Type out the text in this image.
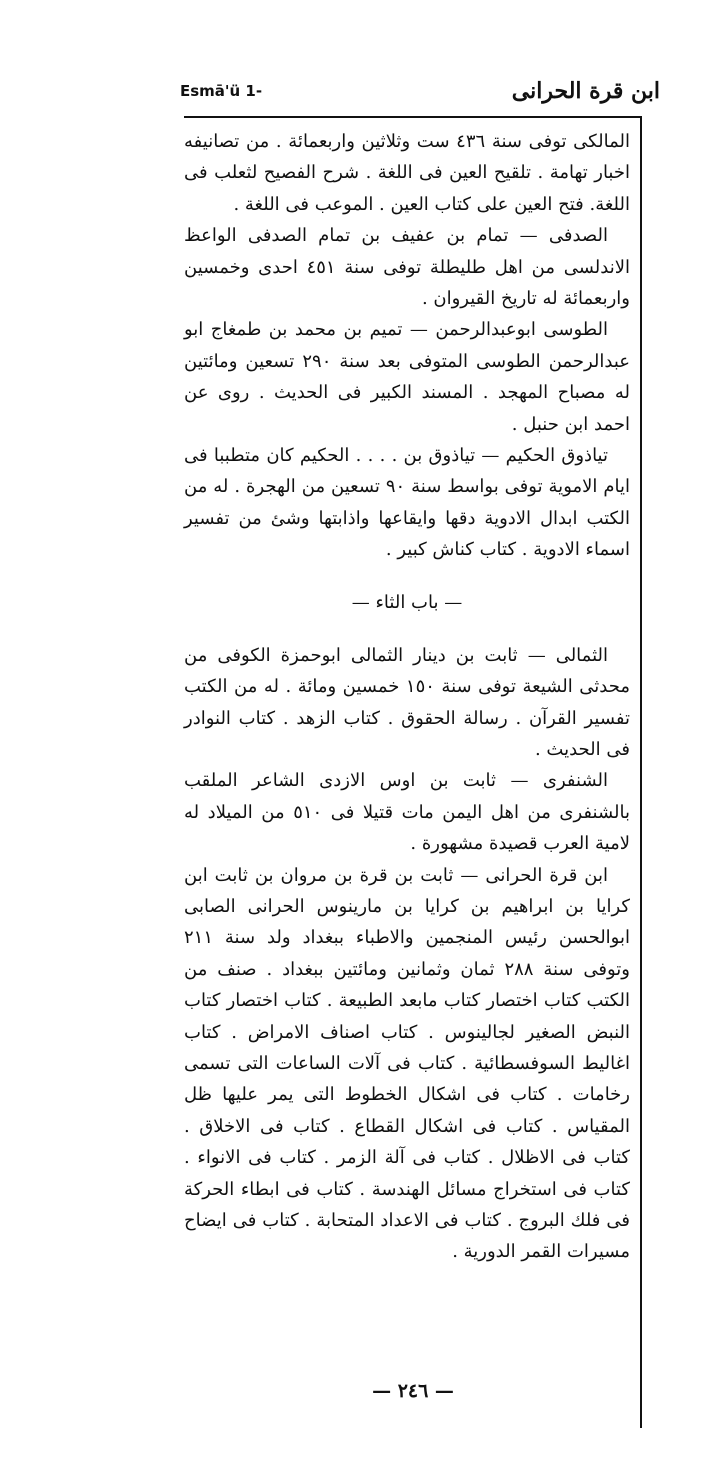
ابن قرة الحرانى
Esmā'ü 1-

المالكى توفى سنة ٤٣٦ ست وثلاثين واربعمائة . من تصانيفه اخبار تهامة . تلقيح العين فى اللغة . شرح الفصيح لثعلب فى اللغة. فتح العين على كتاب العين . الموعب فى اللغة .

الصدفى — تمام بن عفيف بن تمام الصدفى الواعظ الاندلسى من اهل طليطلة توفى سنة ٤٥١ احدى وخمسين واربعمائة له تاريخ القيروان .

الطوسى ابوعبدالرحمن — تميم بن محمد بن طمغاج ابو عبدالرحمن الطوسى المتوفى بعد سنة ٢٩٠ تسعين ومائتين له مصباح المهجد . المسند الكبير فى الحديث . روى عن احمد ابن حنبل .

تياذوق الحكيم — تياذوق بن . . . . الحكيم كان متطببا فى ايام الاموية توفى بواسط سنة ٩٠ تسعين من الهجرة . له من الكتب ابدال الادوية دقها وايقاعها واذابتها وشئ من تفسير اسماء الادوية . كتاب كناش كبير .

— باب الثاء —

الثمالى — ثابت بن دينار الثمالى ابوحمزة الكوفى من محدثى الشيعة توفى سنة ١٥٠ خمسين ومائة . له من الكتب تفسير القرآن . رسالة الحقوق . كتاب الزهد . كتاب النوادر فى الحديث .

الشنفرى — ثابت بن اوس الازدى الشاعر الملقب بالشنفرى من اهل اليمن مات قتيلا فى ٥١٠ من الميلاد له لامية العرب قصيدة مشهورة .

ابن قرة الحرانى — ثابت بن قرة بن مروان بن ثابت ابن كرايا بن ابراهيم بن كرايا بن مارينوس الحرانى الصابى ابوالحسن رئيس المنجمين والاطباء ببغداد ولد سنة ٢١١ وتوفى سنة ٢٨٨ ثمان وثمانين ومائتين ببغداد . صنف من الكتب كتاب اختصار كتاب مابعد الطبيعة . كتاب اختصار كتاب النبض الصغير لجالينوس . كتاب اصناف الامراض . كتاب اغاليط السوفسطائية . كتاب فى آلات الساعات التى تسمى رخامات . كتاب فى اشكال الخطوط التى يمر عليها ظل المقياس . كتاب فى اشكال القطاع . كتاب فى الاخلاق . كتاب فى الاظلال . كتاب فى آلة الزمر . كتاب فى الانواء . كتاب فى استخراج مسائل الهندسة . كتاب فى ابطاء الحركة فى فلك البروج . كتاب فى الاعداد المتحابة . كتاب فى ايضاح مسيرات القمر الدورية .

— ٢٤٦ —
